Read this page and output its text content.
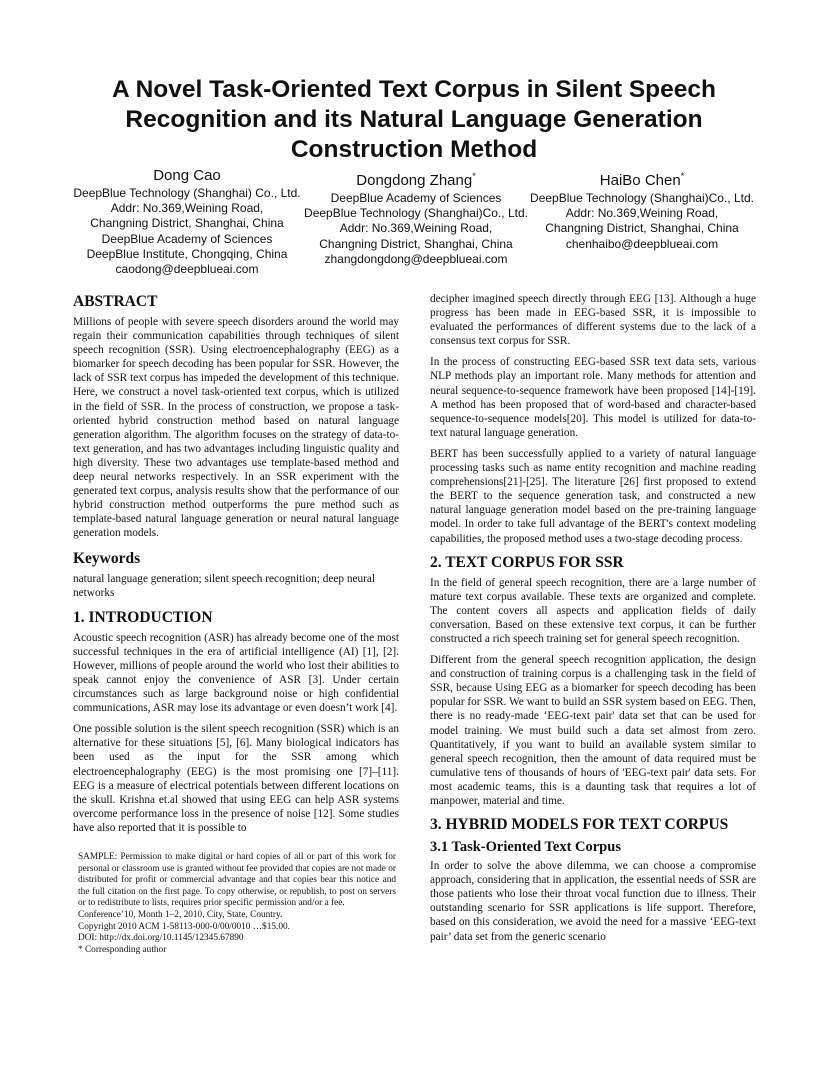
A Novel Task-Oriented Text Corpus in Silent Speech
Recognition and its Natural Language Generation
Construction Method
Dong Cao
DeepBlue Technology (Shanghai) Co., Ltd.
Addr: No.369,Weining Road,
Changning District, Shanghai, China
DeepBlue Academy of Sciences
DeepBlue Institute, Chongqing, China
caodong@deepblueai.com
Dongdong Zhang*
DeepBlue Academy of Sciences
DeepBlue Technology (Shanghai)Co., Ltd.
Addr: No.369,Weining Road,
Changning District, Shanghai, China
zhangdongdong@deepblueai.com
HaiBo Chen*
DeepBlue Technology (Shanghai)Co., Ltd.
Addr: No.369,Weining Road,
Changning District, Shanghai, China
chenhaibo@deepblueai.com
ABSTRACT

Millions of people with severe speech disorders around the world may regain their communication capabilities through techniques of silent speech recognition (SSR). Using electroencephalography (EEG) as a biomarker for speech decoding has been popular for SSR. However, the lack of SSR text corpus has impeded the development of this technique. Here, we construct a novel task-oriented text corpus, which is utilized in the field of SSR. In the process of construction, we propose a task-oriented hybrid construction method based on natural language generation algorithm. The algorithm focuses on the strategy of data-to-text generation, and has two advantages including linguistic quality and high diversity. These two advantages use template-based method and deep neural networks respectively. In an SSR experiment with the generated text corpus, analysis results show that the performance of our hybrid construction method outperforms the pure method such as template-based natural language generation or neural natural language generation models.

Keywords

natural language generation; silent speech recognition; deep neural networks

1. INTRODUCTION

Acoustic speech recognition (ASR) has already become one of the most successful techniques in the era of artificial intelligence (AI) [1], [2]. However, millions of people around the world who lost their abilities to speak cannot enjoy the convenience of ASR [3]. Under certain circumstances such as large background noise or high confidential communications, ASR may lose its advantage or even doesn’t work [4].

One possible solution is the silent speech recognition (SSR) which is an alternative for these situations [5], [6]. Many biological indicators has been used as the input for the SSR among which electroencephalography (EEG) is the most promising one [7]–[11]. EEG is a measure of electrical potentials between different locations on the skull. Krishna et.al showed that using EEG can help ASR systems overcome performance loss in the presence of noise [12]. Some studies have also reported that it is possible to

SAMPLE: Permission to make digital or hard copies of all or part of this work for personal or classroom use is granted without fee provided that copies are not made or distributed for profit or commercial advantage and that copies bear this notice and the full citation on the first page. To copy otherwise, or republish, to post on servers or to redistribute to lists, requires prior specific permission and/or a fee.

Conference’10, Month 1–2, 2010, City, State, Country.

Copyright 2010 ACM 1-58113-000-0/00/0010 …$15.00.

DOI: http://dx.doi.org/10.1145/12345.67890

* Corresponding author

decipher imagined speech directly through EEG [13]. Although a huge progress has been made in EEG-based SSR, it is impossible to evaluated the performances of different systems due to the lack of a consensus text corpus for SSR.

In the process of constructing EEG-based SSR text data sets, various NLP methods play an important role. Many methods for attention and neural sequence-to-sequence framework have been proposed [14]-[19]. A method has been proposed that of word-based and character-based sequence-to-sequence models[20]. This model is utilized for data-to-text natural language generation.

BERT has been successfully applied to a variety of natural language processing tasks such as name entity recognition and machine reading comprehensions[21]-[25]. The literature [26] first proposed to extend the BERT to the sequence generation task, and constructed a new natural language generation model based on the pre-training language model. In order to take full advantage of the BERT's context modeling capabilities, the proposed method uses a two-stage decoding process.

2. TEXT CORPUS FOR SSR

In the field of general speech recognition, there are a large number of mature text corpus available. These texts are organized and complete. The content covers all aspects and application fields of daily conversation. Based on these extensive text corpus, it can be further constructed a rich speech training set for general speech recognition.

Different from the general speech recognition application, the design and construction of training corpus is a challenging task in the field of SSR, because Using EEG as a biomarker for speech decoding has been popular for SSR. We want to build an SSR system based on EEG. Then, there is no ready-made ‘EEG-text pair' data set that can be used for model training. We must build such a data set almost from zero. Quantitatively, if you want to build an available system similar to general speech recognition, then the amount of data required must be cumulative tens of thousands of hours of 'EEG-text pair' data sets. For most academic teams, this is a daunting task that requires a lot of manpower, material and time.

3. HYBRID MODELS FOR TEXT CORPUS
3.1 Task-Oriented Text Corpus

In order to solve the above dilemma, we can choose a compromise approach, considering that in application, the essential needs of SSR are those patients who lose their throat vocal function due to illness. Their outstanding scenario for SSR applications is life support. Therefore, based on this consideration, we avoid the need for a massive ‘EEG-text pair’ data set from the generic scenario
